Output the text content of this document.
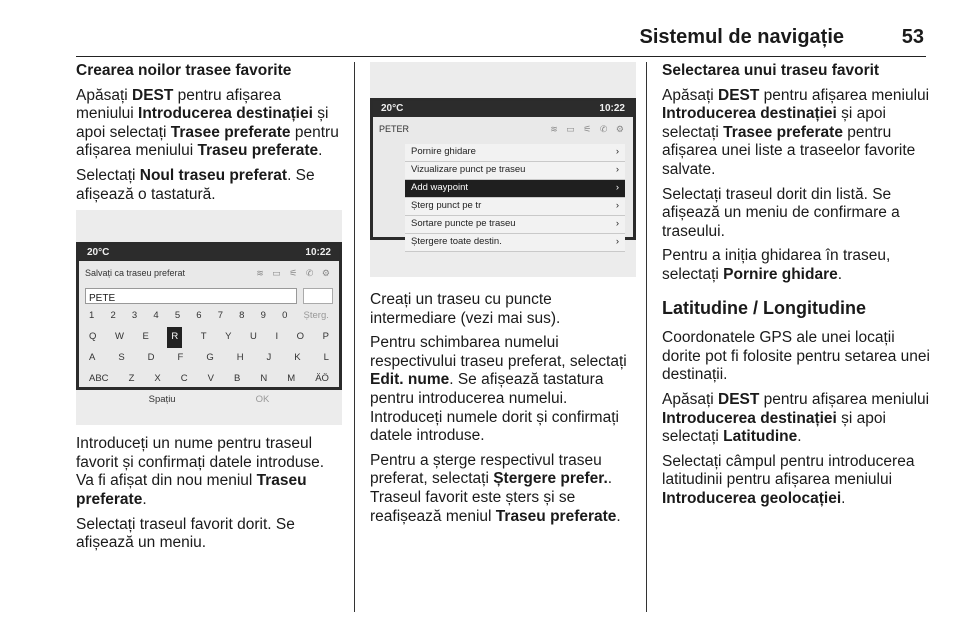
Sistemul de navigație	53
Crearea noilor trasee favorite

Apăsați DEST pentru afișarea meniului Introducerea destinației și apoi selectați Trasee preferate pentru afișarea meniului Traseu preferate.

Selectați Noul traseu preferat. Se afișează o tastatură.

20°C	10:22
Salvați ca traseu preferat	≋ ▭ ⚟ ✆ ⚙
PETE
1 2 3 4 5 6 7 8 9 0 Șterg.
Q W E	R	T Y U I O P
A S D F G H J K L
ABC Z X C V B N M ÄÖ
Spațiu	OK

Introduceți un nume pentru traseul favorit și confirmați datele introduse. Va fi afișat din nou meniul Traseu preferate.

Selectați traseul favorit dorit. Se afișează un meniu.

20°C	10:22
PETER	≋ ▭ ⚟ ✆ ⚙
Pornire ghidare	›
Vizualizare punct pe traseu	›
Add waypoint	›
Șterg punct pe tr	›
Sortare puncte pe traseu	›
Ștergere toate destin.	›

Creați un traseu cu puncte intermediare (vezi mai sus).

Pentru schimbarea numelui respectivului traseu preferat, selectați Edit. nume. Se afișează tastatura pentru introducerea numelui. Introduceți numele dorit și confirmați datele introduse.

Pentru a șterge respectivul traseu preferat, selectați Ștergere prefer.. Traseul favorit este șters și se reafișează meniul Traseu preferate.

Selectarea unui traseu favorit

Apăsați DEST pentru afișarea meniului Introducerea destinației și apoi selectați Trasee preferate pentru afișarea unei liste a traseelor favorite salvate.

Selectați traseul dorit din listă. Se afișează un meniu de confirmare a traseului.

Pentru a iniția ghidarea în traseu, selectați Pornire ghidare.

Latitudine / Longitudine

Coordonatele GPS ale unei locații dorite pot fi folosite pentru setarea unei destinații.

Apăsați DEST pentru afișarea meniului Introducerea destinației și apoi selectați Latitudine.

Selectați câmpul pentru introducerea latitudinii pentru afișarea meniului Introducerea geolocației.
